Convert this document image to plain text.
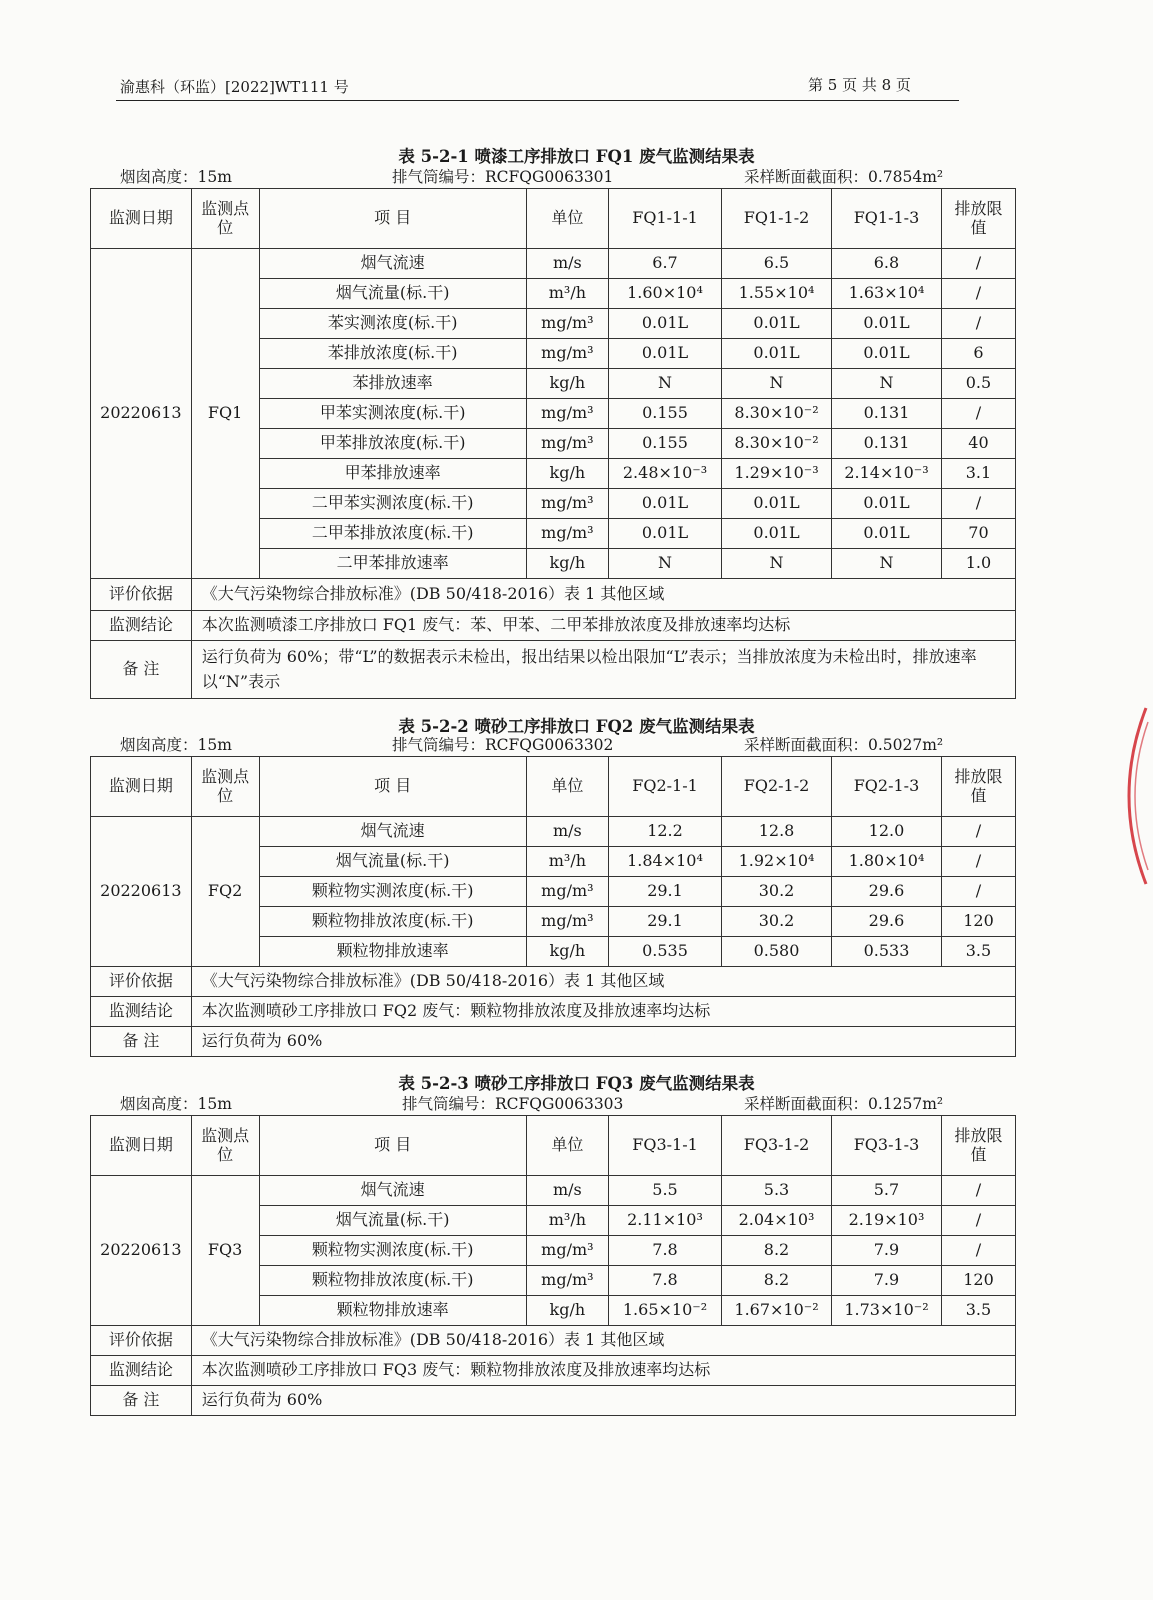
渝惠科（环监）[2022]WT111 号	第 5 页 共 8 页
表 5-2-1 喷漆工序排放口 FQ1 废气监测结果表
烟囱高度：15m	排气筒编号：RCFQG0063301	采样断面截面积：0.7854m²
监测日期	监测点位	项 目	单位	FQ1-1-1	FQ1-1-2	FQ1-1-3	排放限值
20220613	FQ1	烟气流速	m/s	6.7	6.5	6.8	/
		烟气流量(标.干)	m³/h	1.60×10⁴	1.55×10⁴	1.63×10⁴	/
		苯实测浓度(标.干)	mg/m³	0.01L	0.01L	0.01L	/
		苯排放浓度(标.干)	mg/m³	0.01L	0.01L	0.01L	6
		苯排放速率	kg/h	N	N	N	0.5
		甲苯实测浓度(标.干)	mg/m³	0.155	8.30×10⁻²	0.131	/
		甲苯排放浓度(标.干)	mg/m³	0.155	8.30×10⁻²	0.131	40
		甲苯排放速率	kg/h	2.48×10⁻³	1.29×10⁻³	2.14×10⁻³	3.1
		二甲苯实测浓度(标.干)	mg/m³	0.01L	0.01L	0.01L	/
		二甲苯排放浓度(标.干)	mg/m³	0.01L	0.01L	0.01L	70
		二甲苯排放速率	kg/h	N	N	N	1.0
评价依据	《大气污染物综合排放标准》(DB 50/418-2016）表 1 其他区域						
监测结论	本次监测喷漆工序排放口 FQ1 废气：苯、甲苯、二甲苯排放浓度及排放速率均达标						
备 注	运行负荷为 60%；带“L”的数据表示未检出，报出结果以检出限加“L”表示；当排放浓度为未检出时，排放速率以“N”表示						
表 5-2-2 喷砂工序排放口 FQ2 废气监测结果表
烟囱高度：15m	排气筒编号：RCFQG0063302	采样断面截面积：0.5027m²
监测日期	监测点位	项 目	单位	FQ2-1-1	FQ2-1-2	FQ2-1-3	排放限值
20220613	FQ2	烟气流速	m/s	12.2	12.8	12.0	/
		烟气流量(标.干)	m³/h	1.84×10⁴	1.92×10⁴	1.80×10⁴	/
		颗粒物实测浓度(标.干)	mg/m³	29.1	30.2	29.6	/
		颗粒物排放浓度(标.干)	mg/m³	29.1	30.2	29.6	120
		颗粒物排放速率	kg/h	0.535	0.580	0.533	3.5
评价依据	《大气污染物综合排放标准》(DB 50/418-2016）表 1 其他区域						
监测结论	本次监测喷砂工序排放口 FQ2 废气：颗粒物排放浓度及排放速率均达标						
备 注	运行负荷为 60%						
表 5-2-3 喷砂工序排放口 FQ3 废气监测结果表
烟囱高度：15m	排气筒编号：RCFQG0063303	采样断面截面积：0.1257m²
监测日期	监测点位	项 目	单位	FQ3-1-1	FQ3-1-2	FQ3-1-3	排放限值
20220613	FQ3	烟气流速	m/s	5.5	5.3	5.7	/
		烟气流量(标.干)	m³/h	2.11×10³	2.04×10³	2.19×10³	/
		颗粒物实测浓度(标.干)	mg/m³	7.8	8.2	7.9	/
		颗粒物排放浓度(标.干)	mg/m³	7.8	8.2	7.9	120
		颗粒物排放速率	kg/h	1.65×10⁻²	1.67×10⁻²	1.73×10⁻²	3.5
评价依据	《大气污染物综合排放标准》(DB 50/418-2016）表 1 其他区域						
监测结论	本次监测喷砂工序排放口 FQ3 废气：颗粒物排放浓度及排放速率均达标						
备 注	运行负荷为 60%						
